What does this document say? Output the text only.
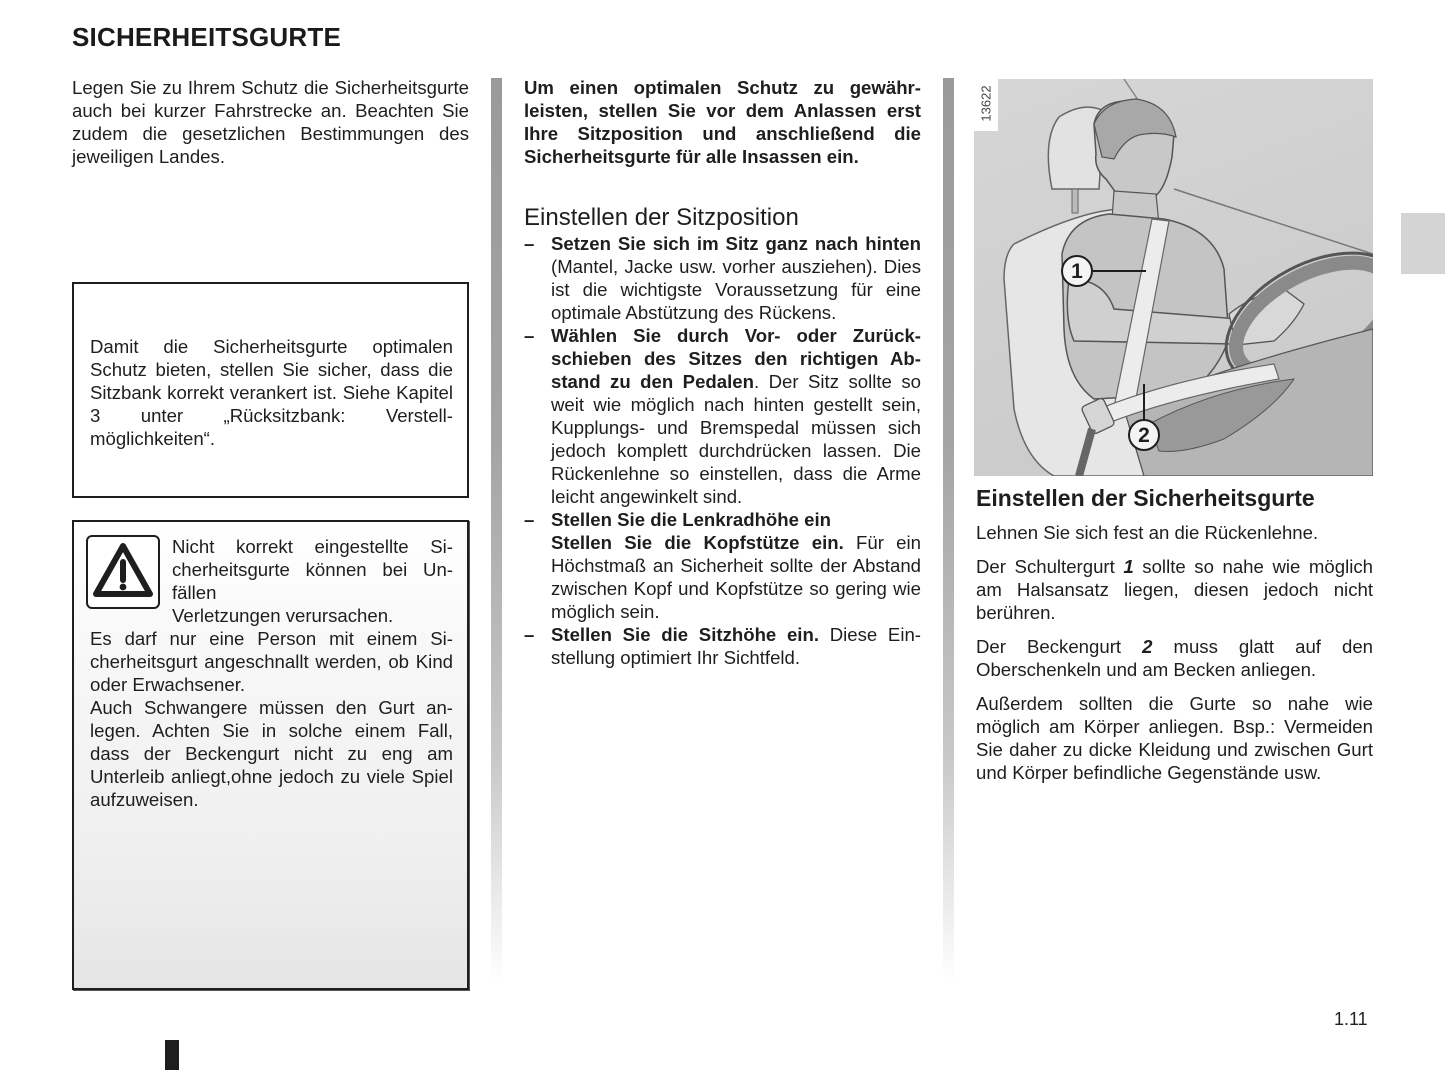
SICHERHEITSGURTE

Legen Sie zu Ihrem Schutz die Sicherheitsgurte auch bei kurzer Fahrstrecke an. Beachten Sie zudem die gesetzlichen Bestimmungen des jeweiligen Landes.

Damit die Sicherheitsgurte optimalen Schutz bieten, stellen Sie sicher, dass die Sitzbank korrekt verankert ist. Siehe Kapitel 3 unter „Rücksitzbank: Verstellmöglichkeiten“.

Nicht korrekt eingestellte Si-

cherheitsgurte können bei Un-

fällen

Verletzungen verursachen.

Es darf nur eine Person mit einem Sicherheitsgurt angeschnallt werden, ob Kind oder Erwachsener.

Auch Schwangere müssen den Gurt anlegen. Achten Sie in solche einem Fall, dass der Beckengurt nicht zu eng am Unterleib anliegt,ohne jedoch zu viele Spiel aufzuweisen.

Um einen optimalen Schutz zu gewährleisten, stellen Sie vor dem Anlassen erst Ihre Sitzposition und anschließend die Sicherheitsgurte für alle Insassen ein.

Einstellen der Sitzposition
– Setzen Sie sich im Sitz ganz nach hinten (Mantel, Jacke usw. vorher ausziehen). Dies ist die wichtigste Voraussetzung für eine optimale Abstützung des Rückens.
– Wählen Sie durch Vor- oder Zurückschieben des Sitzes den richtigen Abstand zu den Pedalen. Der Sitz sollte so weit wie möglich nach hinten gestellt sein, Kupplungs- und Bremspedal müssen sich jedoch komplett durchdrücken lassen. Die Rückenlehne so einstellen, dass die Arme leicht angewinkelt sind.
– Stellen Sie die Lenkradhöhe ein
Stellen Sie die Kopfstütze ein. Für ein Höchstmaß an Sicherheit sollte der Abstand zwischen Kopf und Kopfstütze so gering wie möglich sein.
– Stellen Sie die Sitzhöhe ein. Diese Einstellung optimiert Ihr Sichtfeld.
1
2
13622
Einstellen der Sicherheitsgurte

Lehnen Sie sich fest an die Rückenlehne.

Der Schultergurt 1 sollte so nahe wie möglich am Halsansatz liegen, diesen jedoch nicht berühren.

Der Beckengurt 2 muss glatt auf den Oberschenkeln und am Becken anliegen.

Außerdem sollten die Gurte so nahe wie möglich am Körper anliegen. Bsp.: Vermeiden Sie daher zu dicke Kleidung und zwischen Gurt und Körper befindliche Gegenstände usw.

1.11
